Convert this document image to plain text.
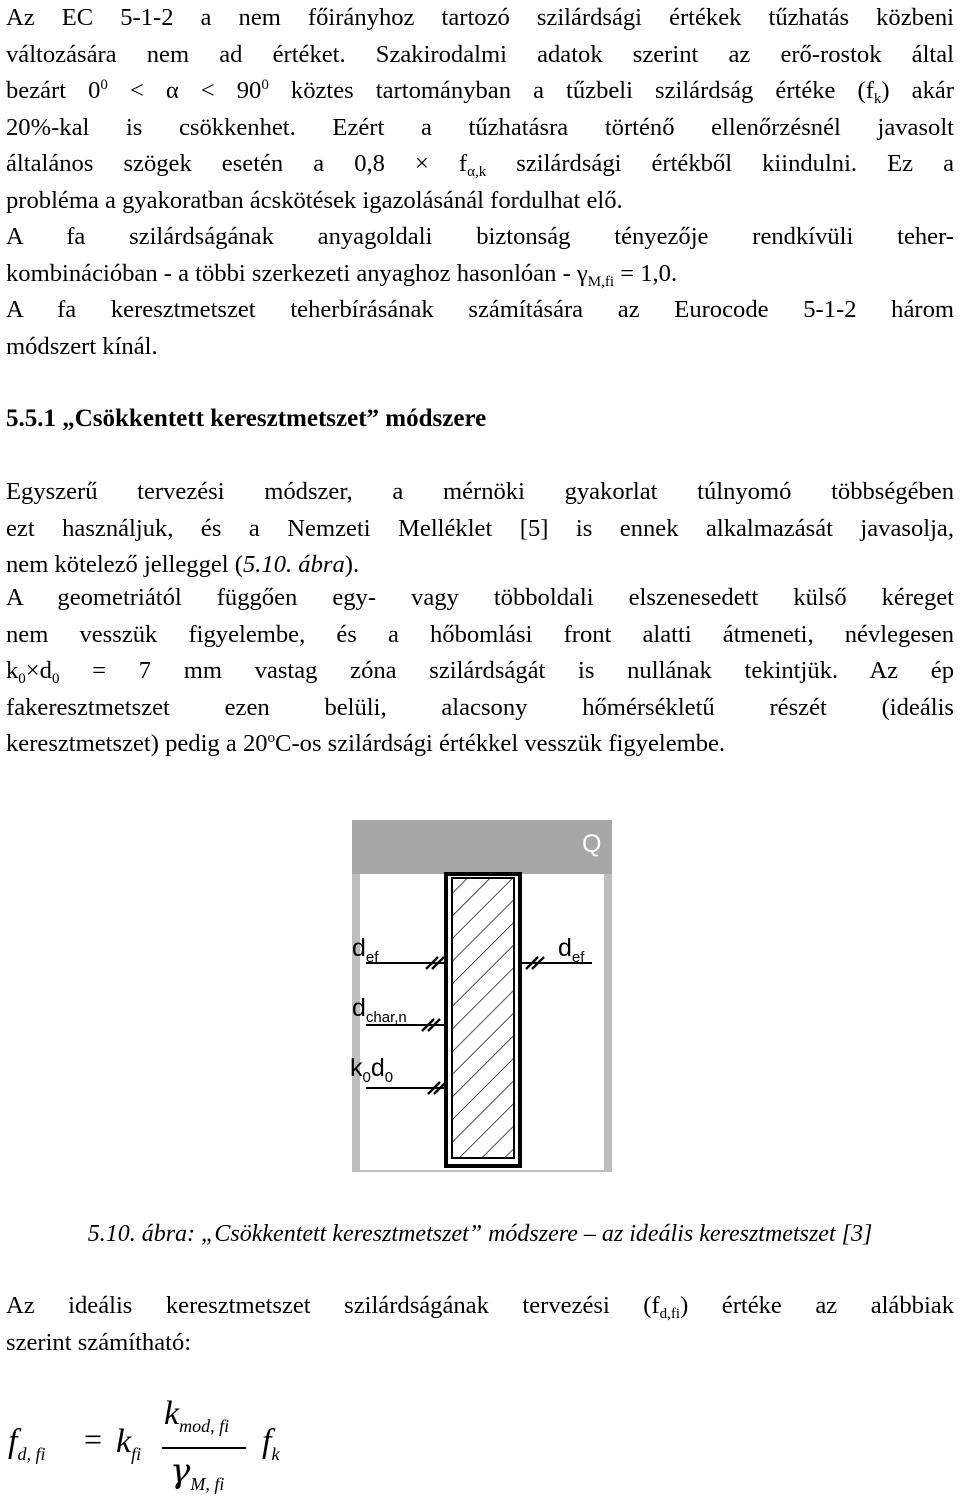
Az EC 5-1-2 a nem főirányhoz tartozó szilárdsági értékek tűzhatás közbeni
változására nem ad értéket. Szakirodalmi adatok szerint az erő-rostok által
bezárt $0^0 < \alpha < 90^0$ köztes tartományban a tűzbeli szilárdság értéke $(f_k)$ akár
20%-kal is csökkenhet. Ezért a tűzhatásra történő ellenőrzésnél javasolt
általános szögek esetén a $0,8 \times f_{\alpha,k}$ szilárdsági értékből kiindulni. Ez a
probléma a gyakoratban ácskötések igazolásánál fordulhat elő.
A fa szilárdságának anyagoldali biztonság tényezője rendkívüli teher-
kombinációban - a többi szerkezeti anyaghoz hasonlóan - $\gamma_{M,fi} = 1,0$.
A fa keresztmetszet teherbírásának számítására az Eurocode 5-1-2 három
módszert kínál.
5.5.1 „Csökkentett keresztmetszet” módszere
Egyszerű tervezési módszer, a mérnöki gyakorlat túlnyomó többségében
ezt használjuk, és a Nemzeti Melléklet [5] is ennek alkalmazását javasolja,
nem kötelező jelleggel (5.10. ábra).
A geometriától függően egy- vagy többoldali elszenesedett külső kéreget
nem vesszük figyelembe, és a hőbomlási front alatti átmeneti, névlegesen
$k_0\times d_0 = 7$ mm vastag zóna szilárdságát is nullának tekintjük. Az ép
fakeresztmetszet ezen belüli, alacsony hőmérsékletű részét (ideális
keresztmetszet) pedig a 20$^o$C-os szilárdsági értékkel vesszük figyelembe.
Q
$d_{ef}$	$d_{ef}$
$d_{char,n}$
$k_0d_0$
5.10. ábra: „Csökkentett keresztmetszet” módszere – az ideális keresztmetszet [3]
Az ideális keresztmetszet szilárdságának tervezési $(f_{d,fi})$ értéke az alábbiak
szerint számítható:
$f_{d, fi} = k_{fi}$
$k_{mod, fi}$
$\gamma_{M, fi}$
$f_k$
